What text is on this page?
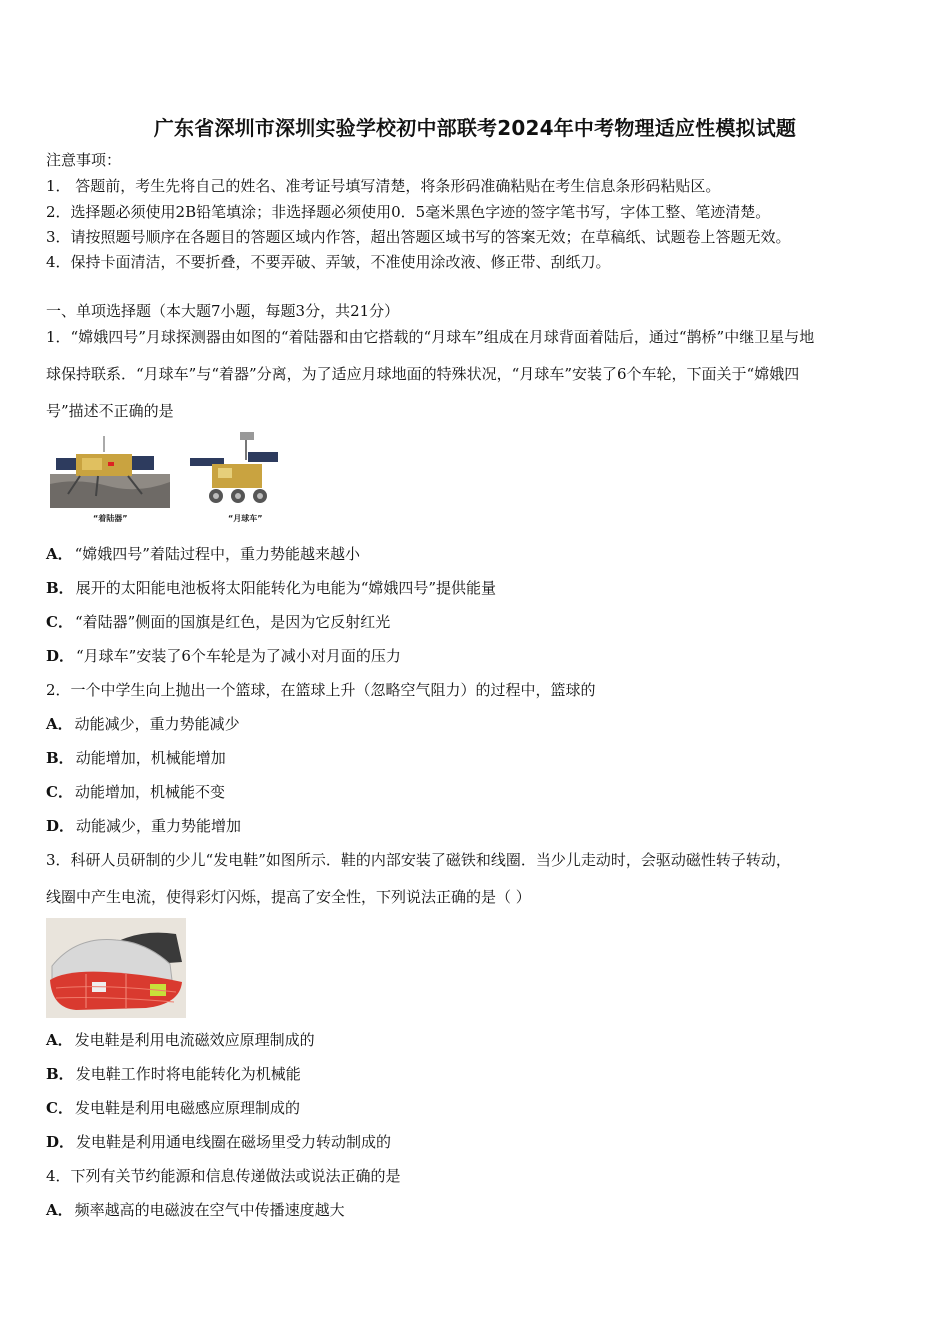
广东省深圳市深圳实验学校初中部联考2024年中考物理适应性模拟试题
注意事项：
1． 答题前，考生先将自己的姓名、准考证号填写清楚，将条形码准确粘贴在考生信息条形码粘贴区。
2．选择题必须使用2B铅笔填涂；非选择题必须使用0．5毫米黑色字迹的签字笔书写，字体工整、笔迹清楚。
3．请按照题号顺序在各题目的答题区域内作答，超出答题区域书写的答案无效；在草稿纸、试题卷上答题无效。
4．保持卡面清洁，不要折叠，不要弄破、弄皱，不准使用涂改液、修正带、刮纸刀。
一、单项选择题（本大题7小题，每题3分，共21分）
1．“嫦娥四号”月球探测器由如图的“着陆器和由它搭载的“月球车”组成在月球背面着陆后，通过“鹊桥”中继卫星与地
球保持联系．“月球车”与“着器”分离，为了适应月球地面的特殊状况，“月球车”安装了6个车轮，下面关于“嫦娥四
号”描述不正确的是
“着陆器”	“月球车”
A． “嫦娥四号”着陆过程中，重力势能越来越小
B． 展开的太阳能电池板将太阳能转化为电能为“嫦娥四号”提供能量
C． “着陆器”侧面的国旗是红色，是因为它反射红光
D． “月球车”安装了6个车轮是为了减小对月面的压力
2．一个中学生向上抛出一个篮球，在篮球上升（忽略空气阻力）的过程中，篮球的
A． 动能减少，重力势能减少
B． 动能增加，机械能增加
C． 动能增加，机械能不变
D． 动能减少，重力势能增加
3．科研人员研制的少儿“发电鞋”如图所示．鞋的内部安装了磁铁和线圈．当少儿走动时，会驱动磁性转子转动，
线圈中产生电流，使得彩灯闪烁，提高了安全性，下列说法正确的是（ ）
A． 发电鞋是利用电流磁效应原理制成的
B． 发电鞋工作时将电能转化为机械能
C． 发电鞋是利用电磁感应原理制成的
D． 发电鞋是利用通电线圈在磁场里受力转动制成的
4．下列有关节约能源和信息传递做法或说法正确的是
A． 频率越高的电磁波在空气中传播速度越大
